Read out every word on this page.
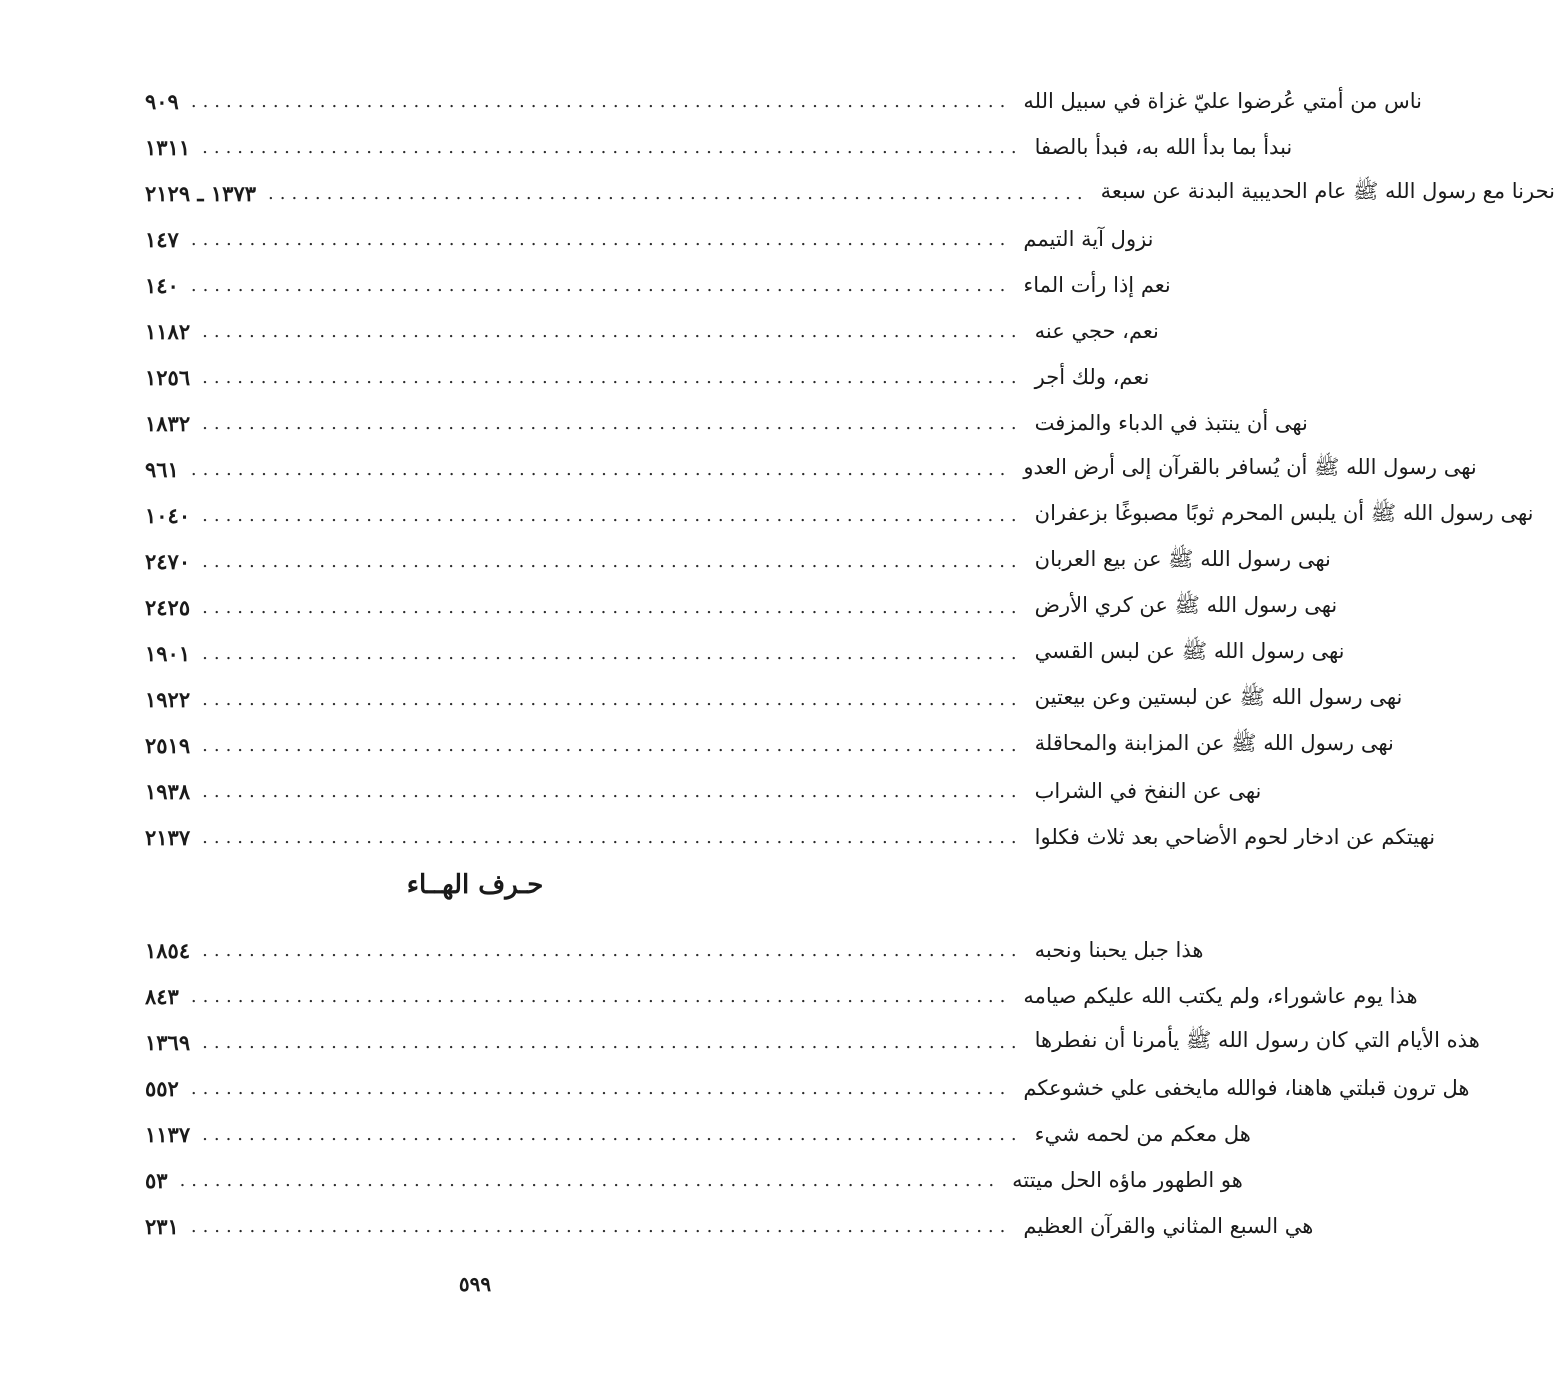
٩٠٩ ...................................................................... ناس من أمتي عُرضوا عليّ غزاة في سبيل الله
١٣١١ ...................................................................... نبدأ بما بدأ الله به، فبدأ بالصفا
١٣٧٣ ـ ٢١٢٩ ...................................................................... نحرنا مع رسول الله ﷺ عام الحديبية البدنة عن سبعة
١٤٧ ...................................................................... نزول آية التيمم
١٤٠ ...................................................................... نعم إذا رأت الماء
١١٨٢ ...................................................................... نعم، حجي عنه
١٢٥٦ ...................................................................... نعم، ولك أجر
١٨٣٢ ...................................................................... نهى أن ينتبذ في الدباء والمزفت
٩٦١ ...................................................................... نهى رسول الله ﷺ أن يُسافر بالقرآن إلى أرض العدو
١٠٤٠ ...................................................................... نهى رسول الله ﷺ أن يلبس المحرم ثوبًا مصبوغًا بزعفران
٢٤٧٠ ...................................................................... نهى رسول الله ﷺ عن بيع العربان
٢٤٢٥ ...................................................................... نهى رسول الله ﷺ عن كري الأرض
١٩٠١ ...................................................................... نهى رسول الله ﷺ عن لبس القسي
١٩٢٢ ...................................................................... نهى رسول الله ﷺ عن لبستين وعن بيعتين
٢٥١٩ ...................................................................... نهى رسول الله ﷺ عن المزابنة والمحاقلة
١٩٣٨ ...................................................................... نهى عن النفخ في الشراب
٢١٣٧ ...................................................................... نهيتكم عن ادخار لحوم الأضاحي بعد ثلاث فكلوا
حـرف الهــاء
١٨٥٤ ...................................................................... هذا جبل يحبنا ونحبه
٨٤٣ ...................................................................... هذا يوم عاشوراء، ولم يكتب الله عليكم صيامه
١٣٦٩ ...................................................................... هذه الأيام التي كان رسول الله ﷺ يأمرنا أن نفطرها
٥٥٢ ...................................................................... هل ترون قبلتي هاهنا، فوالله مايخفى علي خشوعكم
١١٣٧ ...................................................................... هل معكم من لحمه شيء
٥٣ ...................................................................... هو الطهور ماؤه الحل ميتته
٢٣١ ...................................................................... هي السبع المثاني والقرآن العظيم
٥٩٩
